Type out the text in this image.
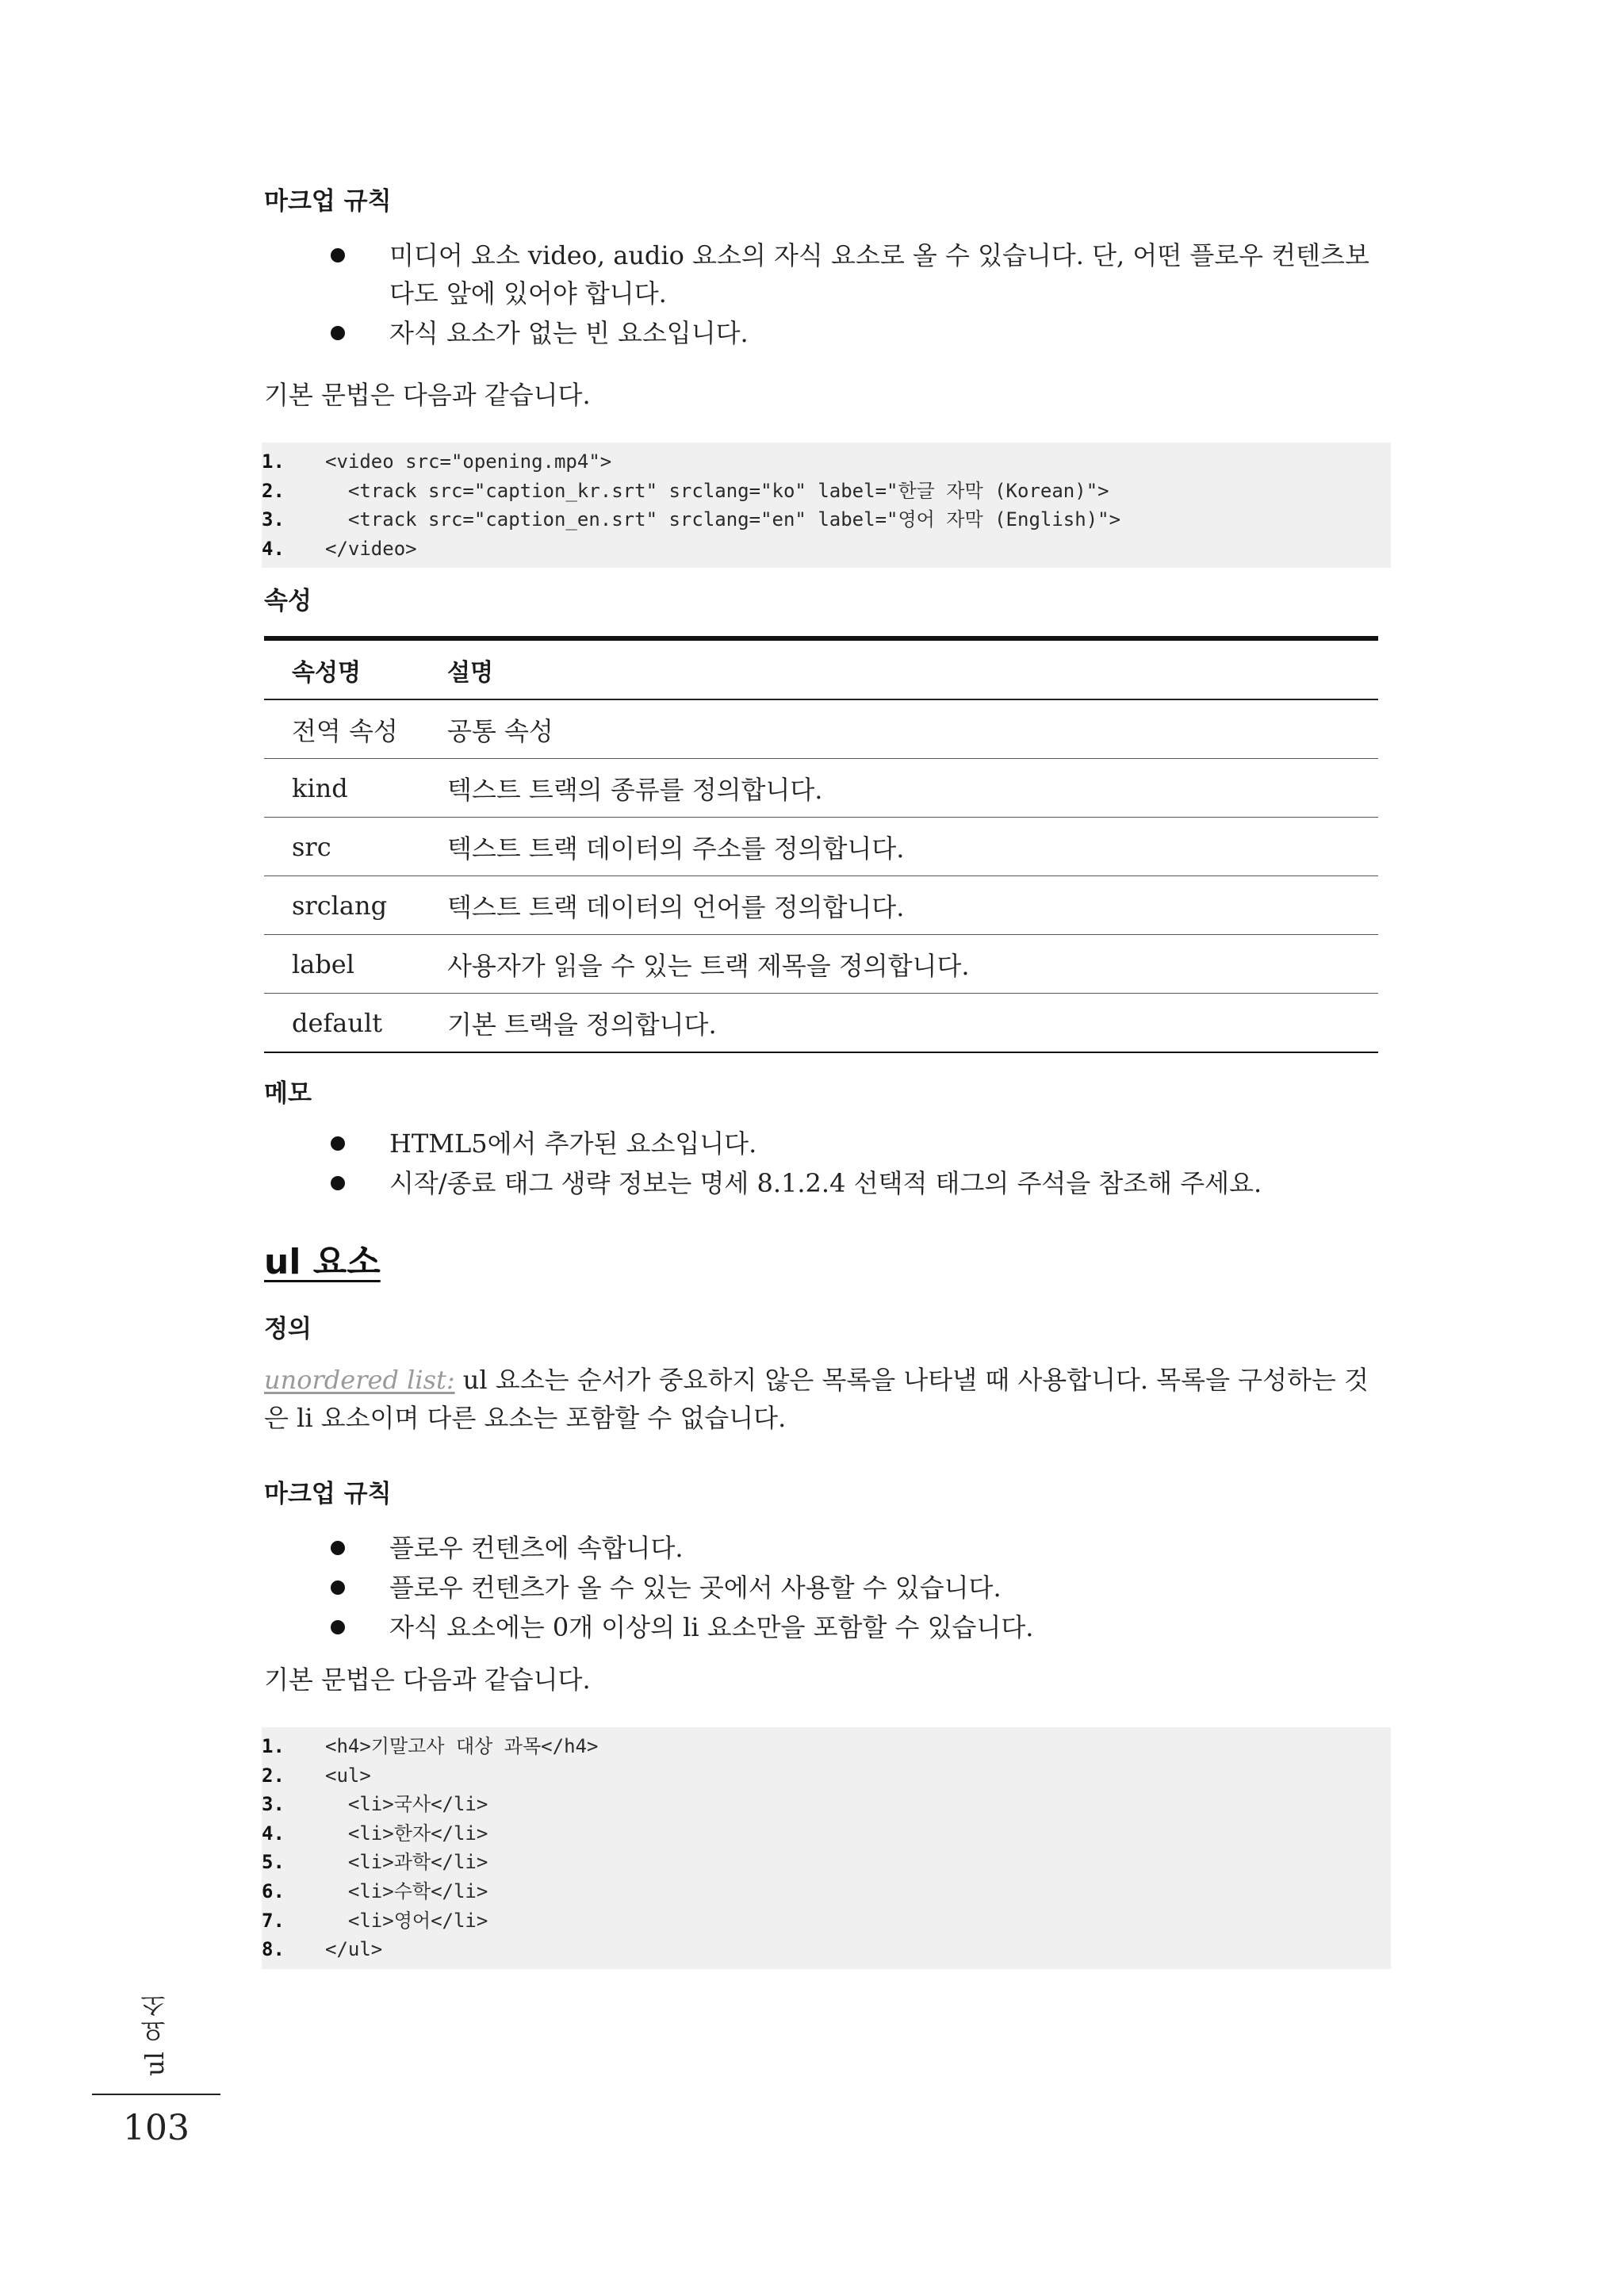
마크업 규칙
미디어 요소 video, audio 요소의 자식 요소로 올 수 있습니다. 단, 어떤 플로우 컨텐츠보다도 앞에 있어야 합니다.
자식 요소가 없는 빈 요소입니다.

기본 문법은 다음과 같습니다.

1. <video src="opening.mp4">
2. <track src="caption_kr.srt" srclang="ko" label="한글 자막 (Korean)">
3. <track src="caption_en.srt" srclang="en" label="영어 자막 (English)">
4. </video>
속성
속성명	설명
전역 속성	공통 속성
kind	텍스트 트랙의 종류를 정의합니다.
src	텍스트 트랙 데이터의 주소를 정의합니다.
srclang	텍스트 트랙 데이터의 언어를 정의합니다.
label	사용자가 읽을 수 있는 트랙 제목을 정의합니다.
default	기본 트랙을 정의합니다.
메모
HTML5에서 추가된 요소입니다.
시작/종료 태그 생략 정보는 명세 8.1.2.4 선택적 태그의 주석을 참조해 주세요.
ul 요소
정의

unordered list: ul 요소는 순서가 중요하지 않은 목록을 나타낼 때 사용합니다. 목록을 구성하는 것은 li 요소이며 다른 요소는 포함할 수 없습니다.

마크업 규칙
플로우 컨텐츠에 속합니다.
플로우 컨텐츠가 올 수 있는 곳에서 사용할 수 있습니다.
자식 요소에는 0개 이상의 li 요소만을 포함할 수 있습니다.

기본 문법은 다음과 같습니다.

1. <h4>기말고사 대상 과목</h4>
2. <ul>
3. <li>국사</li>
4. <li>한자</li>
5. <li>과학</li>
6. <li>수학</li>
7. <li>영어</li>
8. </ul>
ul 요소
103
